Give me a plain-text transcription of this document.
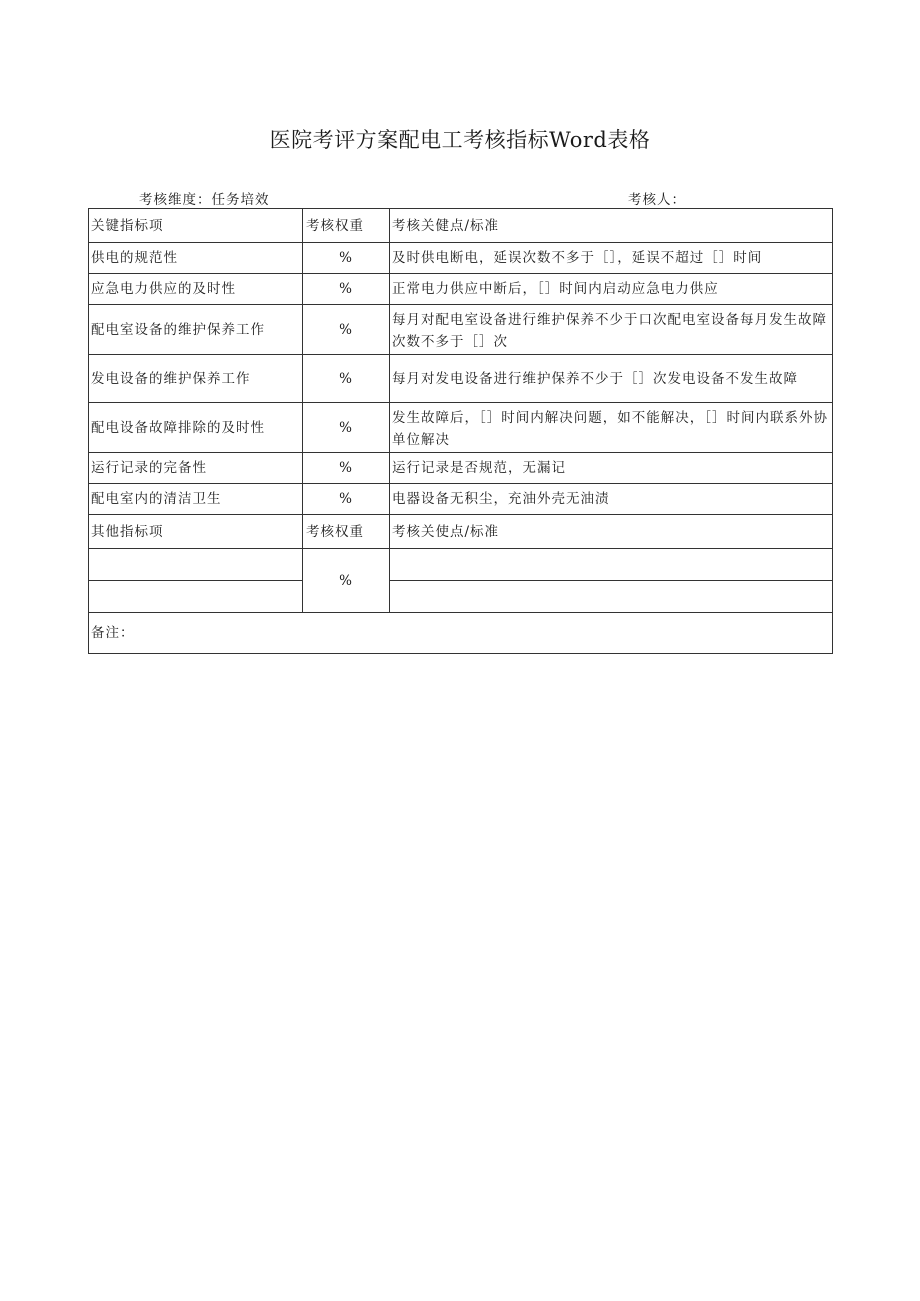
医院考评方案配电工考核指标Word表格
考核维度：任务培效	考核人：
关键指标项	考核权重	考核关健点/标准
供电的规范性	%	及时供电断电，延误次数不多于［］，延误不超过［］时间
应急电力供应的及时性	%	正常电力供应中断后，［］时间内启动应急电力供应
配电室设备的维护保养工作	%	每月对配电室设备进行维护保养不少于口次配电室设备每月发生故障次数不多于［］次
发电设备的维护保养工作	%	每月对发电设备进行维护保养不少于［］次发电设备不发生故障
配电设备故障排除的及时性	%	发生故障后，［］时间内解决问题，如不能解决，［］时间内联系外协单位解决
运行记录的完备性	%	运行记录是否规范，无漏记
配电室内的清洁卫生	%	电器设备无积尘，充油外壳无油渍
其他指标项	考核权重	考核关使点/标准
	%	

备注：		
